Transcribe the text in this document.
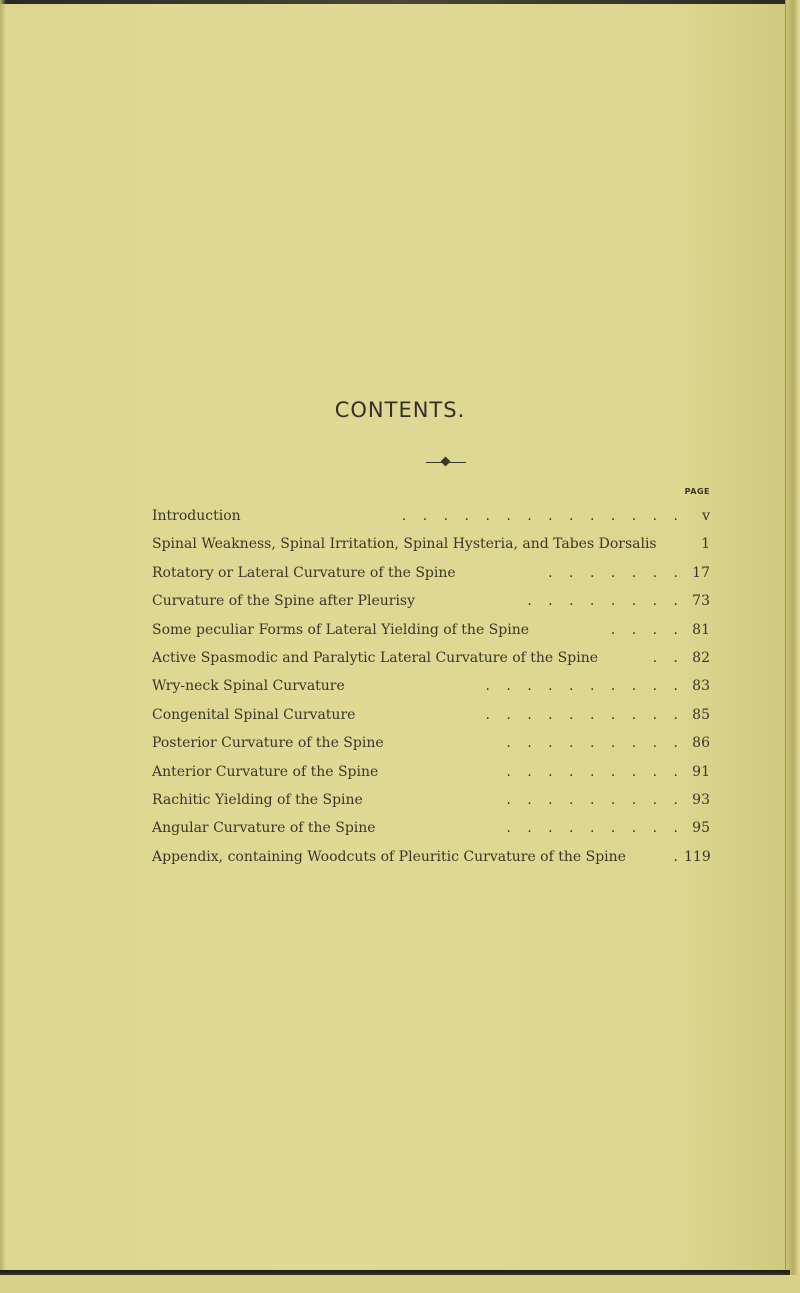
CONTENTS.
PAGE
Introduction	. . . . . . . . . . . . . .	v
Spinal Weakness, Spinal Irritation, Spinal Hysteria, and Tabes Dorsalis	1
Rotatory or Lateral Curvature of the Spine	. . . . . . . 17
Curvature of the Spine after Pleurisy	. . . . . . . . 73
Some peculiar Forms of Lateral Yielding of the Spine	. . . . 81
Active Spasmodic and Paralytic Lateral Curvature of the Spine	. . 82
Wry-neck Spinal Curvature	. . . . . . . . . . 83
Congenital Spinal Curvature	. . . . . . . . . . 85
Posterior Curvature of the Spine	. . . . . . . . . 86
Anterior Curvature of the Spine	. . . . . . . . . 91
Rachitic Yielding of the Spine	. . . . . . . . . 93
Angular Curvature of the Spine	. . . . . . . . . 95
Appendix, containing Woodcuts of Pleuritic Curvature of the Spine	. 119
